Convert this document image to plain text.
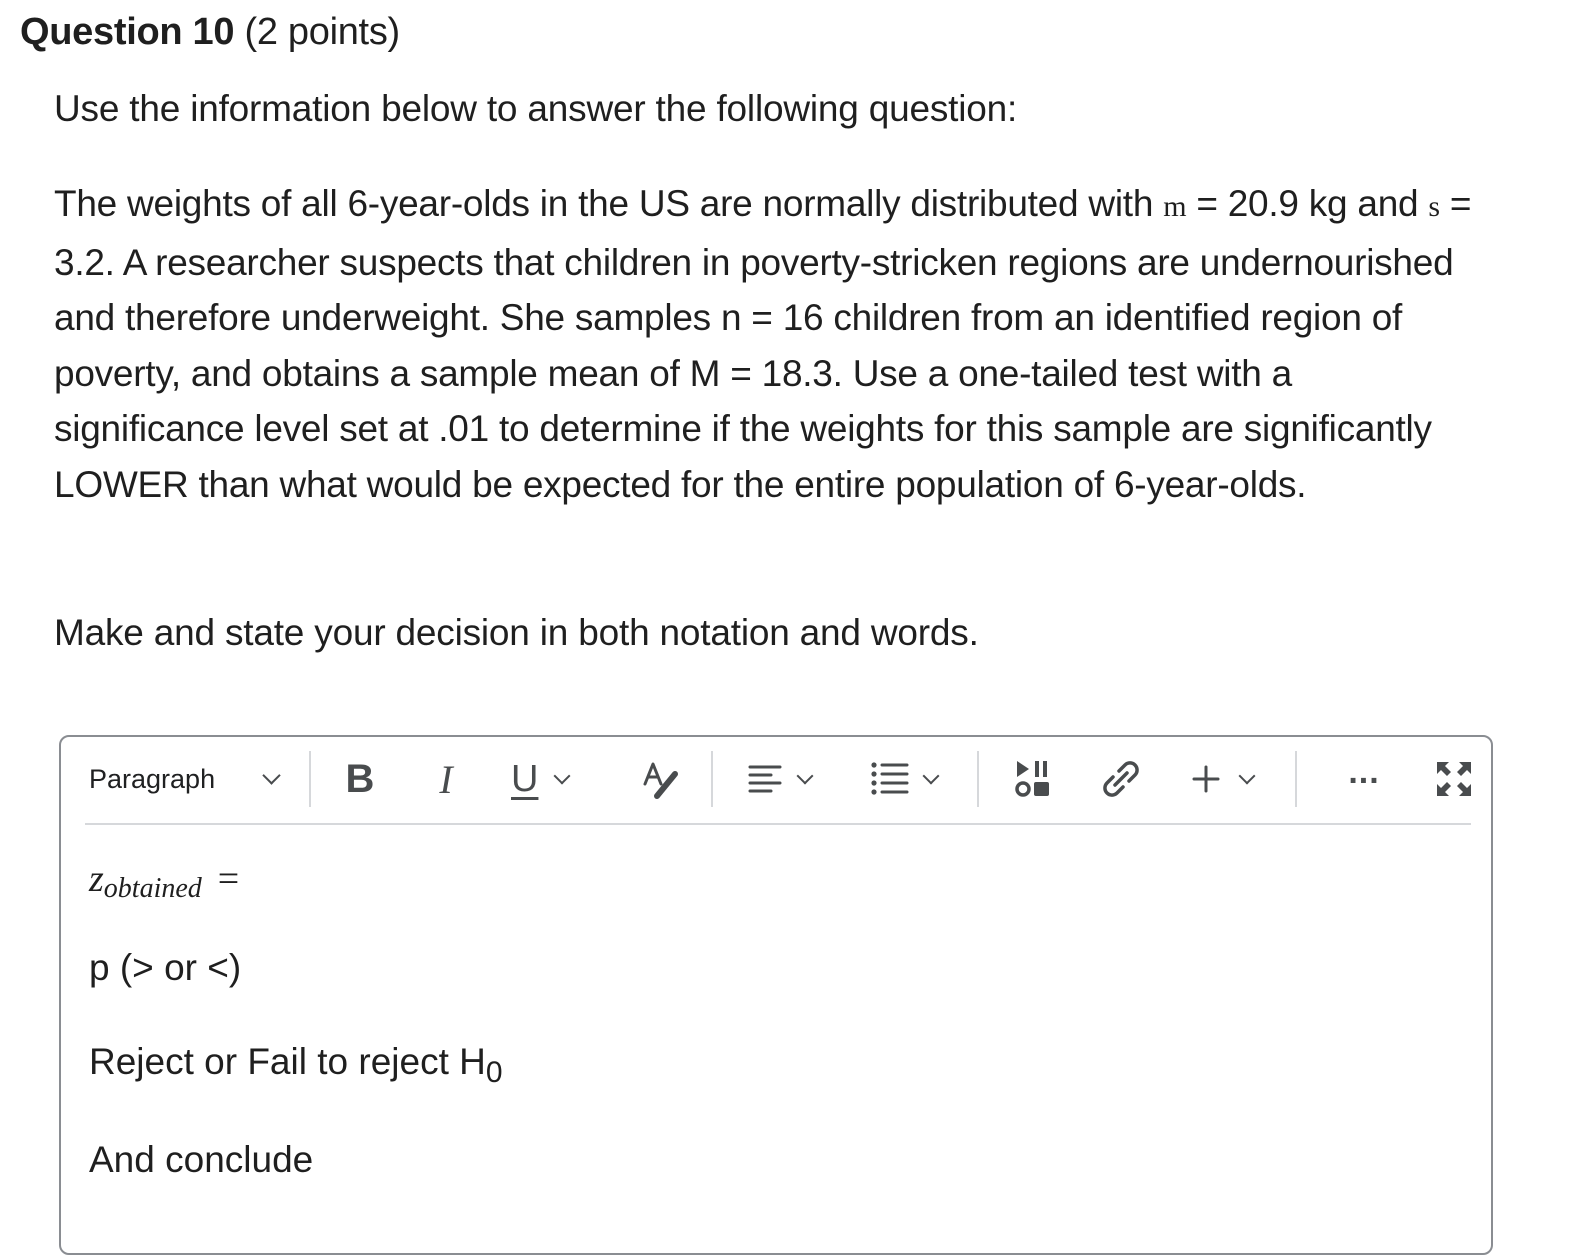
Question 10 (2 points)
Use the information below to answer the following question:
The weights of all 6-year-olds in the US are normally distributed with m = 20.9 kg and s = 3.2. A researcher suspects that children in poverty-stricken regions are undernourished and therefore underweight. She samples n = 16 children from an identified region of poverty, and obtains a sample mean of M = 18.3. Use a one-tailed test with a significance level set at .01 to determine if the weights for this sample are significantly LOWER than what would be expected for the entire population of 6-year-olds.
Make and state your decision in both notation and words.
Paragraph	B I U	...
zobtained =
p (> or <)
Reject or Fail to reject $H_0$
And conclude
